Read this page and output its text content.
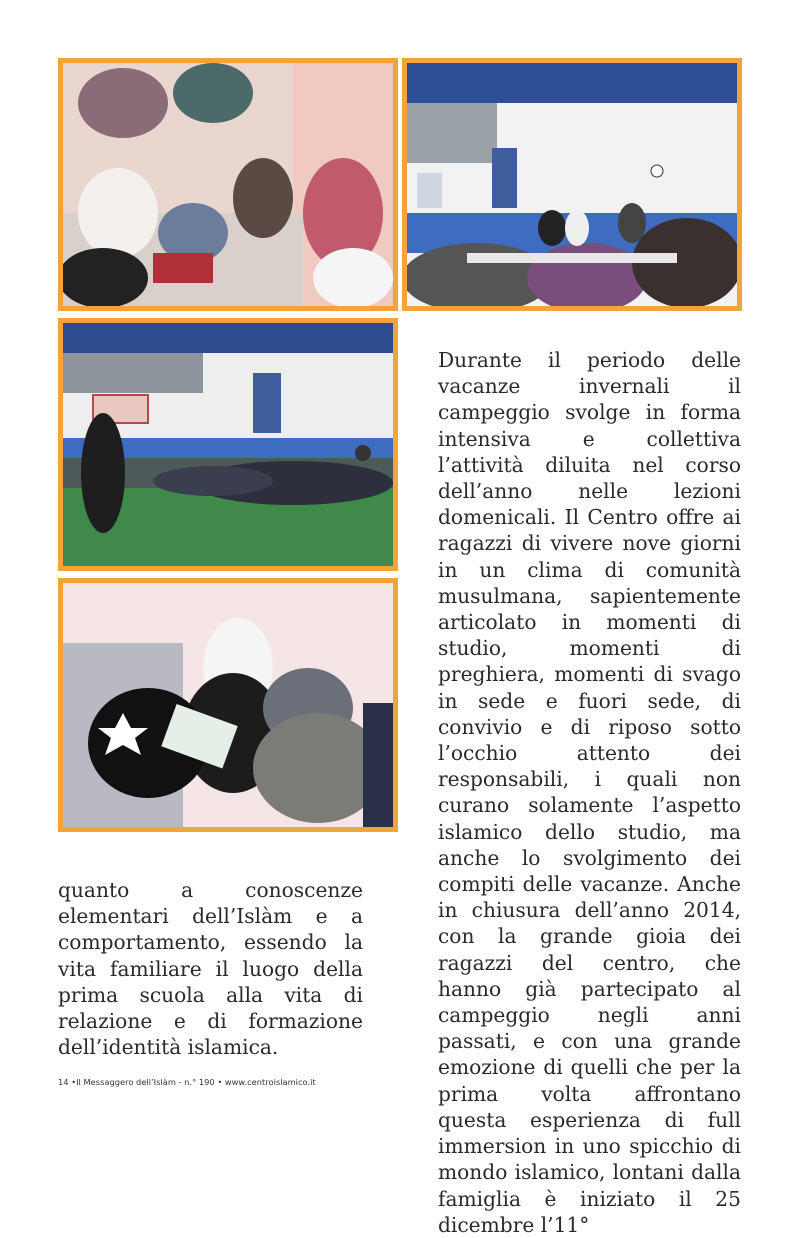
Durante il periodo delle vacanze invernali il campeggio svolge in forma intensiva e collettiva l’attività diluita nel corso dell’anno nelle lezioni domenicali. Il Centro offre ai ragazzi di vivere nove giorni in un clima di comunità musulmana, sapientemente articolato in momenti di studio, momenti di preghiera, momenti di svago in sede e fuori sede, di convivio e di riposo sotto l’occhio attento dei responsabili, i quali non curano solamente l’aspetto islamico dello studio, ma anche lo svolgimento dei compiti delle vacanze. Anche in chiusura dell’anno 2014, con la grande gioia dei ragazzi del centro, che hanno già partecipato al campeggio negli anni passati, e con una grande emozione di quelli che per la prima volta affrontano questa esperienza di full immersion in uno spicchio di mondo islamico, lontani dalla famiglia è iniziato il 25 dicembre l’11°
quanto a conoscenze elementari dell’Islàm e a comportamento, essendo la vita familiare il luogo della prima scuola alla vita di relazione e di formazione dell’identità islamica.
14 •Il Messaggero dell’Islàm - n.° 190 • www.centroislamico.it
